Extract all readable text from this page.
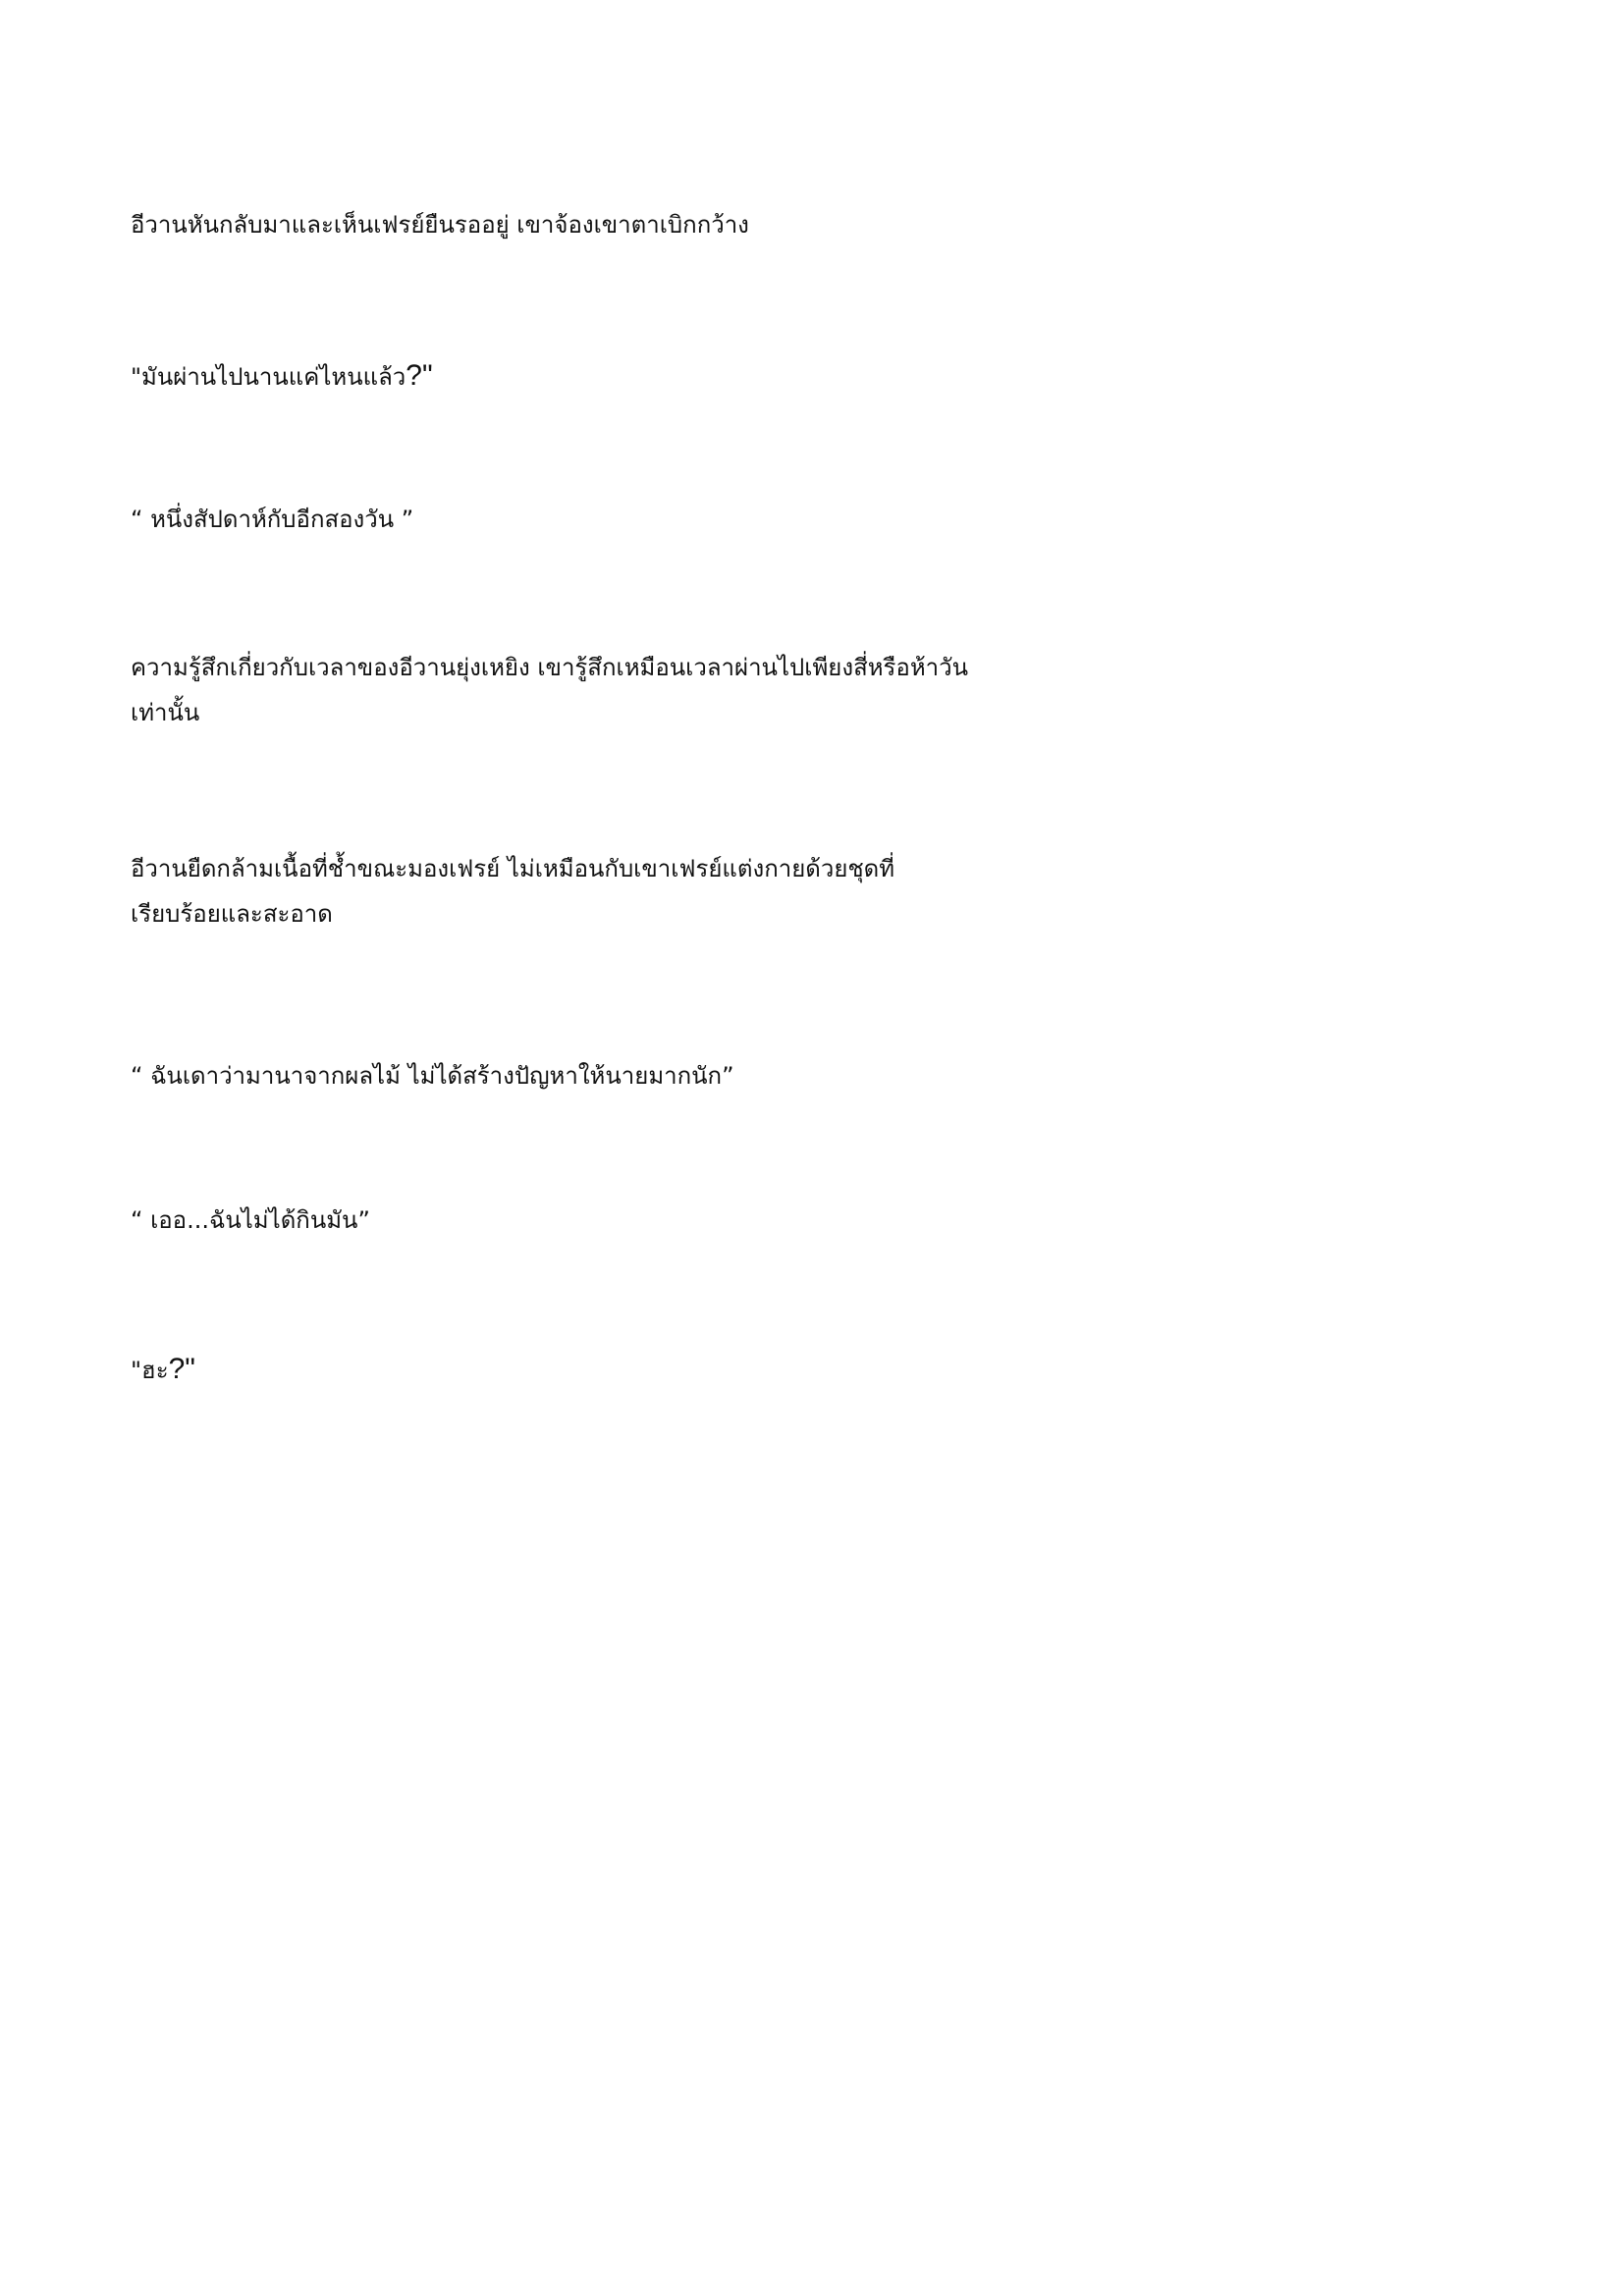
อีวานหันกลับมาและเห็นเฟรย์ยืนรออยู่ เขาจ้องเขาตาเบิกกว้าง

"มันผ่านไปนานแค่ไหนแล้ว?"

“ หนึ่งสัปดาห์กับอีกสองวัน ”

ความรู้สึกเกี่ยวกับเวลาของอีวานยุ่งเหยิง เขารู้สึกเหมือนเวลาผ่านไปเพียงสี่หรือห้าวัน เท่านั้น

อีวานยืดกล้ามเนื้อที่ช้ำขณะมองเฟรย์ ไม่เหมือนกับเขาเฟรย์แต่งกายด้วยชุดที่ เรียบร้อยและสะอาด

“ ฉันเดาว่ามานาจากผลไม้ ไม่ได้สร้างปัญหาให้นายมากนัก”

“ เออ...ฉันไม่ได้กินมัน”

"ฮะ?"
